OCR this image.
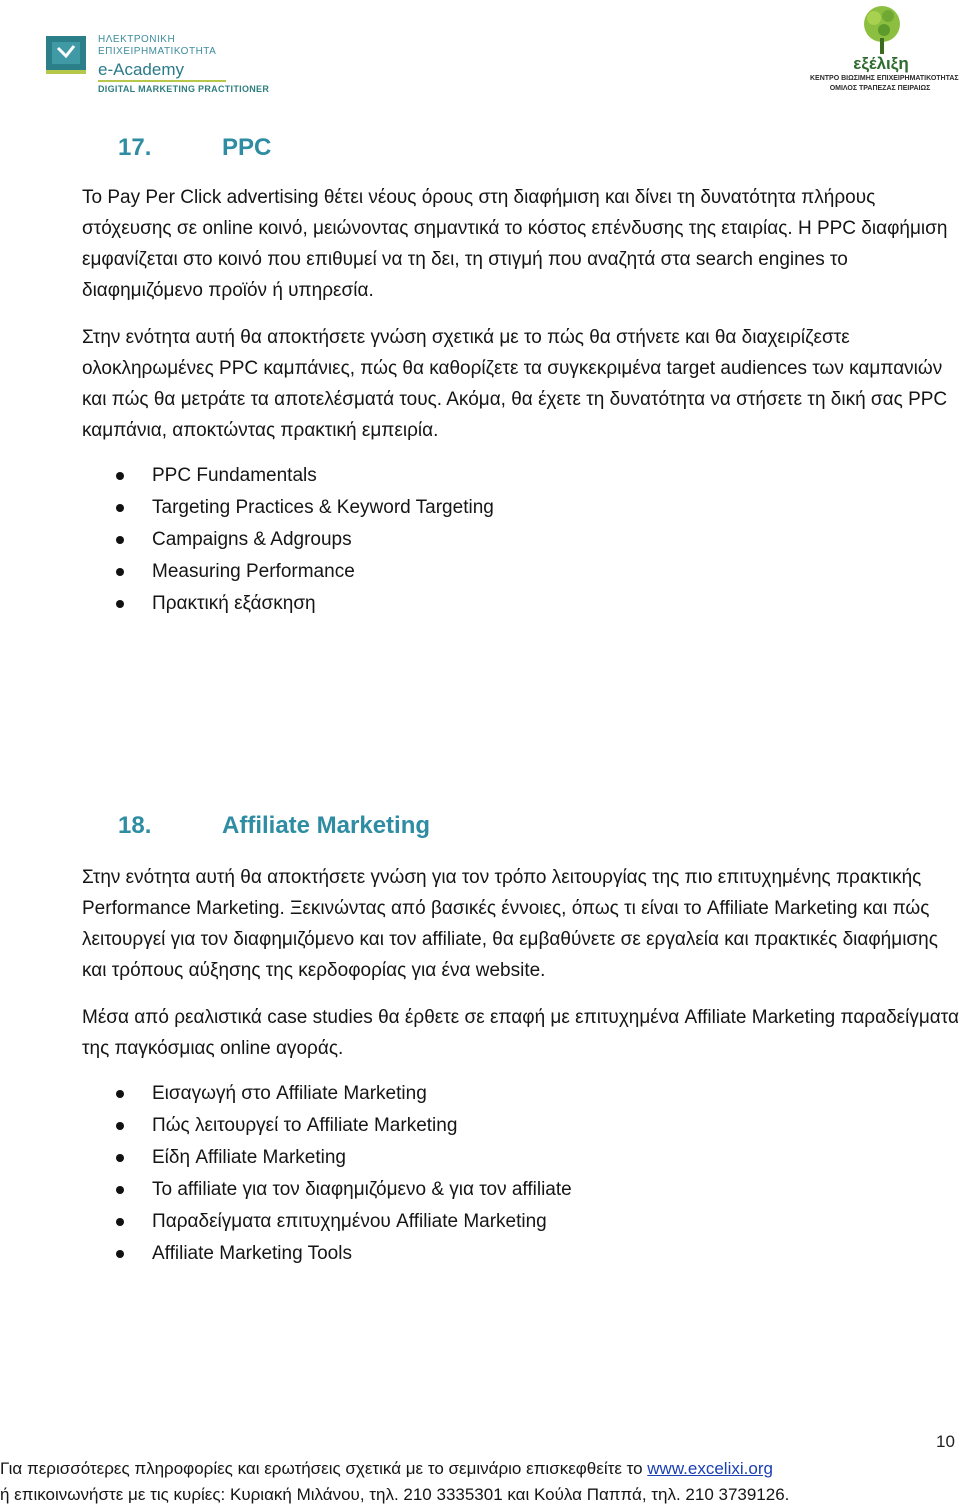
ΗΛΕΚΤΡΟΝΙΚΗ
ΕΠΙΧΕΙΡΗΜΑΤΙΚΟΤΗΤΑ
e-Academy
DIGITAL MARKETING PRACTITIONER
εξέλιξη
ΚΕΝΤΡΟ ΒΙΩΣΙΜΗΣ ΕΠΙΧΕΙΡΗΜΑΤΙΚΟΤΗΤΑΣ
ΟΜΙΛΟΣ ΤΡΑΠΕΖΑΣ ΠΕΙΡΑΙΩΣ
17.	PPC

Το Pay Per Click advertising θέτει νέους όρους στη διαφήμιση και δίνει τη δυνατότητα πλήρους στόχευσης σε online κοινό, μειώνοντας σημαντικά το κόστος επένδυσης της εταιρίας. Η PPC διαφήμιση εμφανίζεται στο κοινό που επιθυμεί να τη δει, τη στιγμή που αναζητά στα search engines το διαφημιζόμενο προϊόν ή υπηρεσία.

Στην ενότητα αυτή θα αποκτήσετε γνώση σχετικά με το πώς θα στήνετε και θα διαχειρίζεστε ολοκληρωμένες PPC καμπάνιες, πώς θα καθορίζετε τα συγκεκριμένα target audiences των καμπανιών και πώς θα μετράτε τα αποτελέσματά τους. Ακόμα, θα έχετε τη δυνατότητα να στήσετε τη δική σας PPC καμπάνια, αποκτώντας πρακτική εμπειρία.

PPC Fundamentals
Targeting Practices & Keyword Targeting
Campaigns & Adgroups
Measuring Performance
Πρακτική εξάσκηση
18.	Affiliate Marketing

Στην ενότητα αυτή θα αποκτήσετε γνώση για τον τρόπο λειτουργίας της πιο επιτυχημένης πρακτικής Performance Marketing. Ξεκινώντας από βασικές έννοιες, όπως τι είναι το Affiliate Marketing και πώς λειτουργεί για τον διαφημιζόμενο και τον affiliate, θα εμβαθύνετε σε εργαλεία και πρακτικές διαφήμισης και τρόπους αύξησης της κερδοφορίας για ένα website.

Μέσα από ρεαλιστικά case studies θα έρθετε σε επαφή με επιτυχημένα Affiliate Marketing παραδείγματα της παγκόσμιας online αγοράς.

Εισαγωγή στο Affiliate Marketing
Πώς λειτουργεί το Affiliate Marketing
Είδη Affiliate Marketing
Το affiliate για τον διαφημιζόμενο & για τον affiliate
Παραδείγματα επιτυχημένου Affiliate Marketing
Affiliate Marketing Tools
10
Για περισσότερες πληροφορίες και ερωτήσεις σχετικά με το σεμινάριο επισκεφθείτε το www.excelixi.org
ή επικοινωνήστε με τις κυρίες: Κυριακή Μιλάνου, τηλ. 210 3335301 και Κούλα Παππά, τηλ. 210 3739126.
